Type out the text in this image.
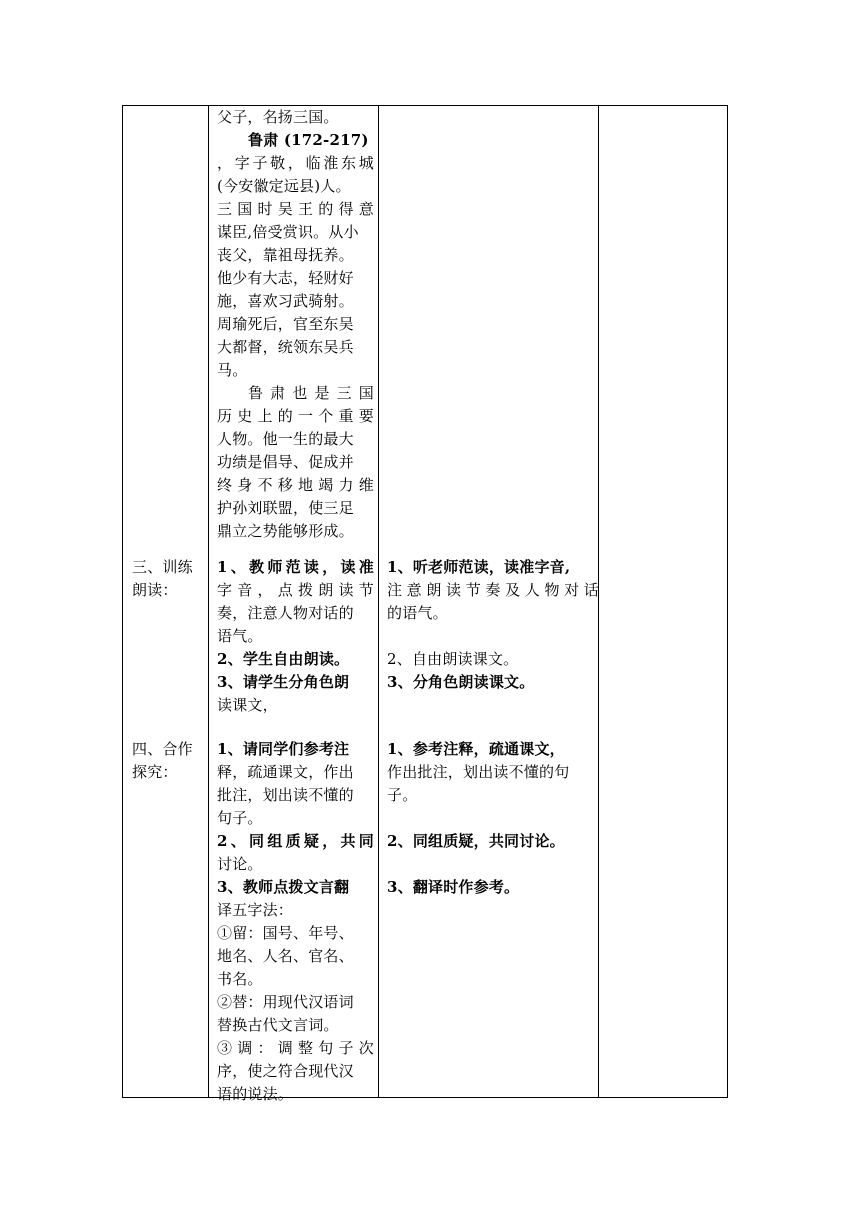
父子，名扬三国。
鲁肃 (172-217)
，字子敬，临淮东城
(今安徽定远县)人。
三国时吴王的得意
谋臣,倍受赏识。从小
丧父，靠祖母抚养。
他少有大志，轻财好
施，喜欢习武骑射。
周瑜死后，官至东吴
大都督，统领东吴兵
马。
鲁肃也是三国
历史上的一个重要
人物。他一生的最大
功绩是倡导、促成并
终身不移地竭力维
护孙刘联盟，使三足
鼎立之势能够形成。
三、训练
朗读：
1、教师范读，读准
字音，点拨朗读节
奏，注意人物对话的
语气。
2、学生自由朗读。
3、请学生分角色朗
读课文，
1、听老师范读，读准字音,
注意朗读节奏及人物对话
的语气。
2、自由朗读课文。
3、分角色朗读课文。
四、合作
探究：
1、请同学们参考注
释，疏通课文，作出
批注，划出读不懂的
句子。
2、同组质疑，共同
讨论。
3、教师点拨文言翻
译五字法：
①留：国号、年号、
地名、人名、官名、
书名。
②替：用现代汉语词
替换古代文言词。
③调：调整句子次
序，使之符合现代汉
语的说法。
1、参考注释，疏通课文，
作出批注，划出读不懂的句
子。
2、同组质疑，共同讨论。
3、翻译时作参考。
